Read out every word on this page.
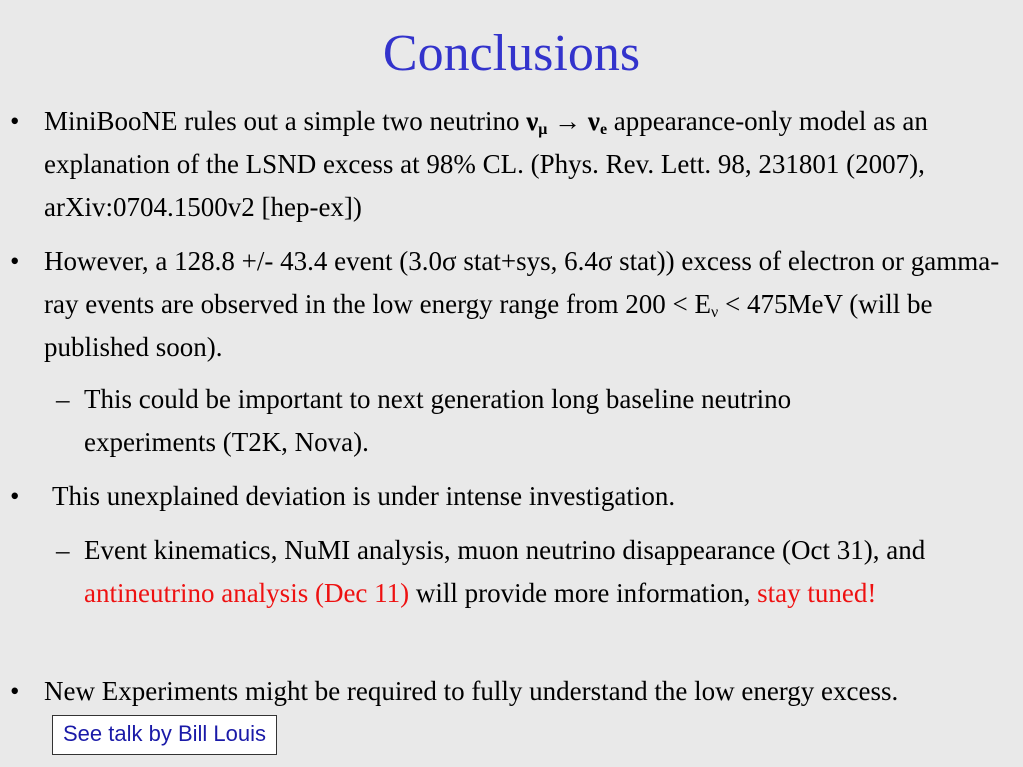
Conclusions
• MiniBooNE rules out a simple two neutrino $\nu_\mu \to \nu_e$ appearance-only model as an explanation of the LSND excess at 98% CL. (Phys. Rev. Lett. 98, 231801 (2007), arXiv:0704.1500v2 [hep-ex])
• However, a 128.8 +/- 43.4 event (3.0σ stat+sys, 6.4σ stat)) excess of electron or gamma-ray events are observed in the low energy range from $200 < E_\nu < 475MeV$ (will be published soon).
– This could be important to next generation long baseline neutrino experiments (T2K, Nova).
• This unexplained deviation is under intense investigation.
– Event kinematics, NuMI analysis, muon neutrino disappearance (Oct 31), and antineutrino analysis (Dec 11) will provide more information, stay tuned!
• New Experiments might be required to fully understand the low energy excess.See talk by Bill Louis
